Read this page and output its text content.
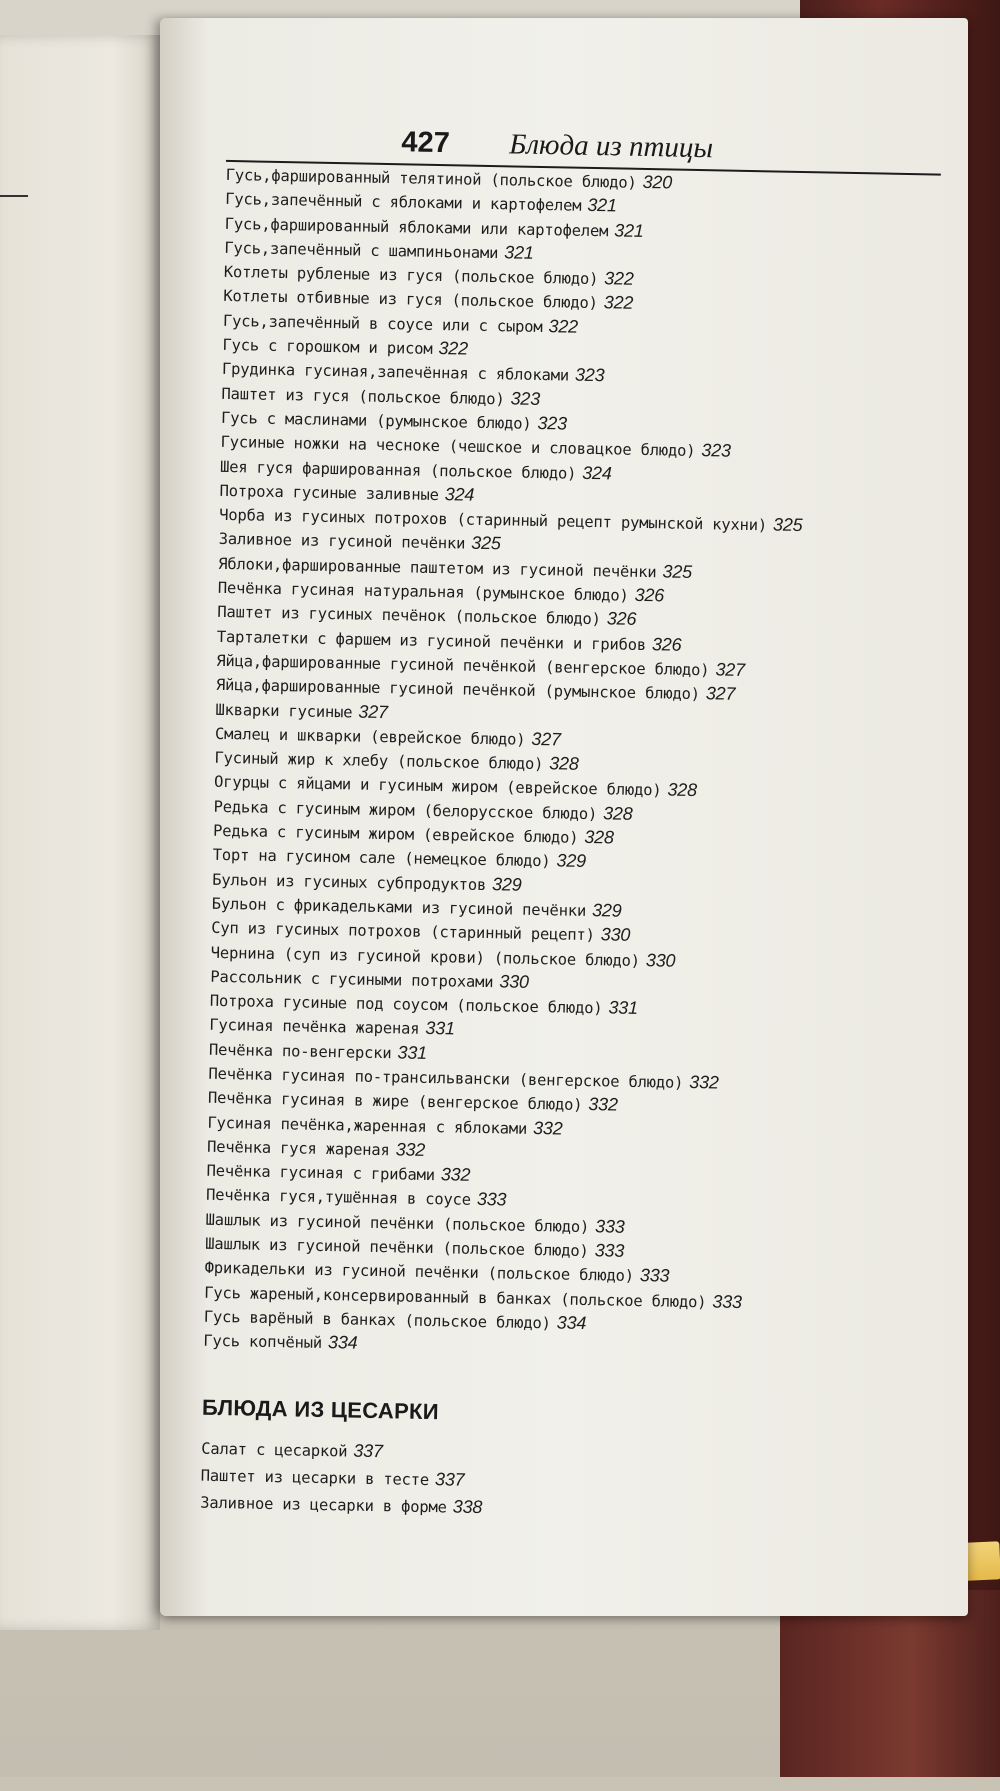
427 Блюда из птицы
Гусь,фаршированный телятиной (польское блюдо) 320
Гусь,запечённый с яблоками и картофелем 321
Гусь,фаршированный яблоками или картофелем 321
Гусь,запечённый с шампиньонами 321
Котлеты рубленые из гуся (польское блюдо) 322
Котлеты отбивные из гуся (польское блюдо) 322
Гусь,запечённый в соусе или с сыром 322
Гусь с горошком и рисом 322
Грудинка гусиная,запечённая с яблоками 323
Паштет из гуся (польское блюдо) 323
Гусь с маслинами (румынское блюдо) 323
Гусиные ножки на чесноке (чешское и словацкое блюдо) 323
Шея гуся фаршированная (польское блюдо) 324
Потроха гусиные заливные 324
Чорба из гусиных потрохов (старинный рецепт румынской кухни) 325
Заливное из гусиной печёнки 325
Яблоки,фаршированные паштетом из гусиной печёнки 325
Печёнка гусиная натуральная (румынское блюдо) 326
Паштет из гусиных печёнок (польское блюдо) 326
Тарталетки с фаршем из гусиной печёнки и грибов 326
Яйца,фаршированные гусиной печёнкой (венгерское блюдо) 327
Яйца,фаршированные гусиной печёнкой (румынское блюдо) 327
Шкварки гусиные 327
Смалец и шкварки (еврейское блюдо) 327
Гусиный жир к хлебу (польское блюдо) 328
Огурцы с яйцами и гусиным жиром (еврейское блюдо) 328
Редька с гусиным жиром (белорусское блюдо) 328
Редька с гусиным жиром (еврейское блюдо) 328
Торт на гусином сале (немецкое блюдо) 329
Бульон из гусиных субпродуктов 329
Бульон с фрикадельками из гусиной печёнки 329
Суп из гусиных потрохов (старинный рецепт) 330
Чернина (суп из гусиной крови) (польское блюдо) 330
Рассольник с гусиными потрохами 330
Потроха гусиные под соусом (польское блюдо) 331
Гусиная печёнка жареная 331
Печёнка по-венгерски 331
Печёнка гусиная по-трансильвански (венгерское блюдо) 332
Печёнка гусиная в жире (венгерское блюдо) 332
Гусиная печёнка,жаренная с яблоками 332
Печёнка гуся жареная 332
Печёнка гусиная с грибами 332
Печёнка гуся,тушённая в соусе 333
Шашлык из гусиной печёнки (польское блюдо) 333
Шашлык из гусиной печёнки (польское блюдо) 333
Фрикадельки из гусиной печёнки (польское блюдо) 333
Гусь жареный,консервированный в банках (польское блюдо) 333
Гусь варёный в банках (польское блюдо) 334
Гусь копчёный 334
БЛЮДА ИЗ ЦЕСАРКИ
Салат с цесаркой 337
Паштет из цесарки в тесте 337
Заливное из цесарки в форме 338
